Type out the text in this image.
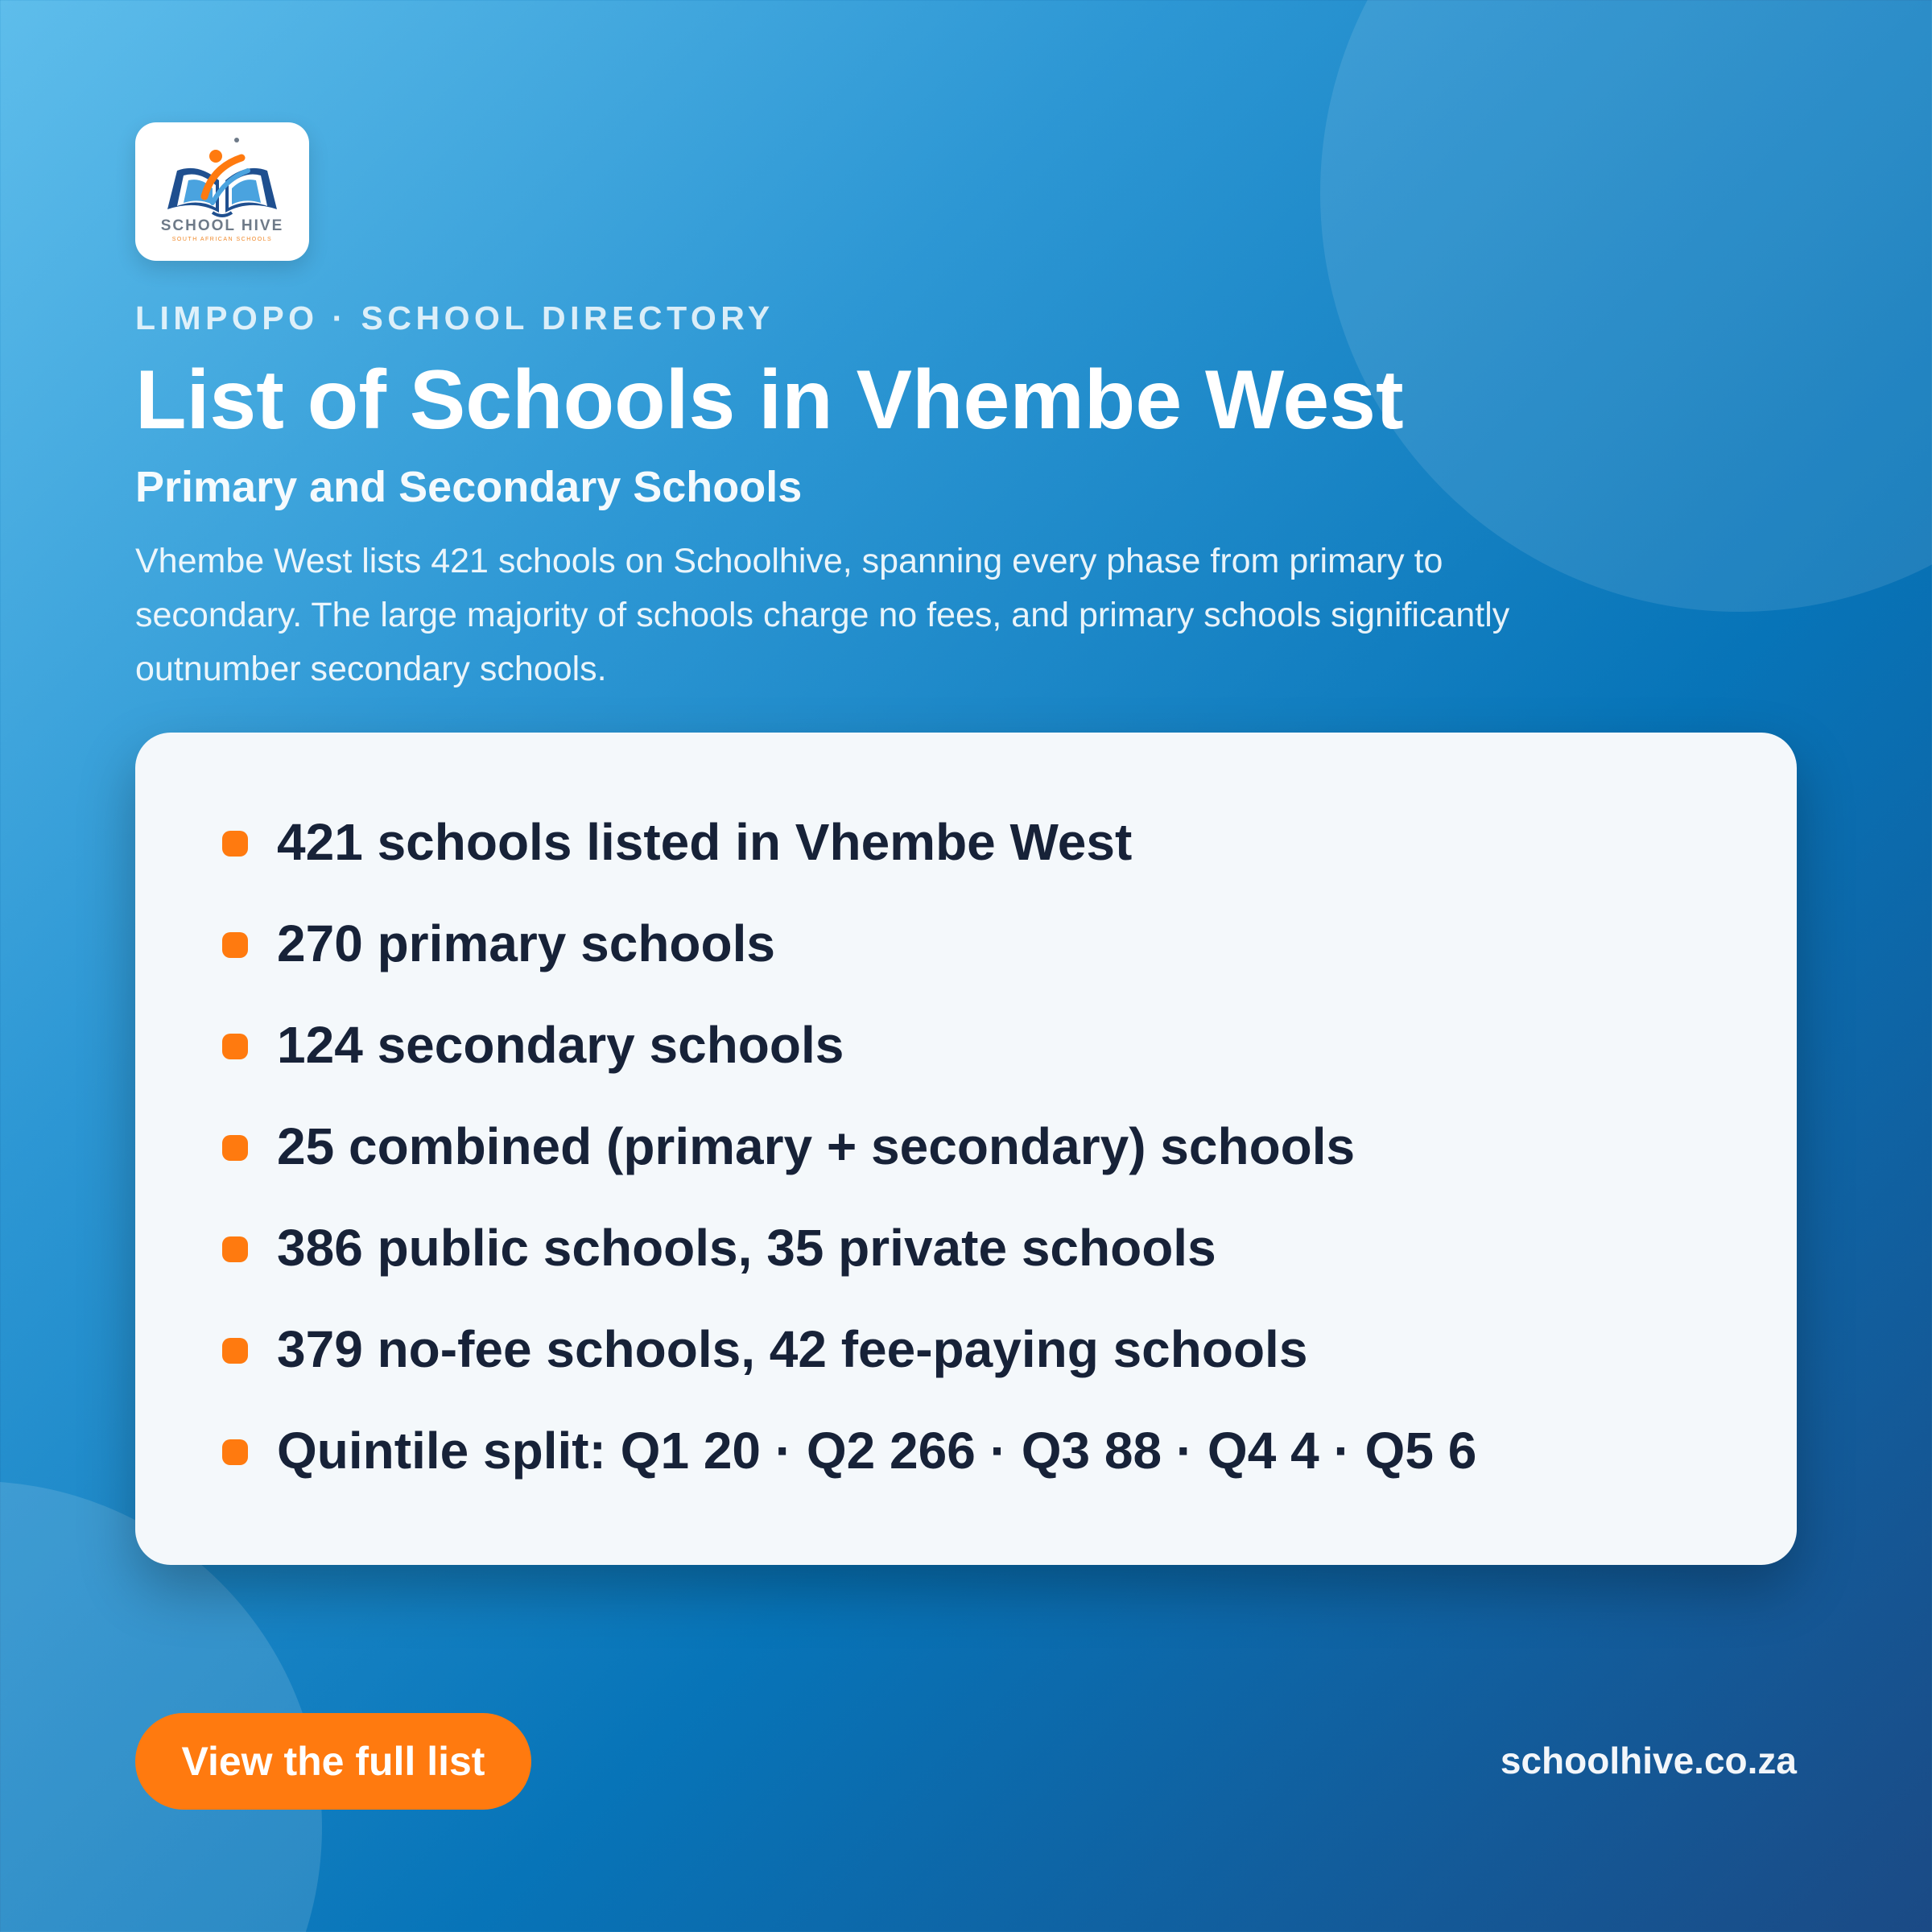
SCHOOL HIVE
SOUTH AFRICAN SCHOOLS
LIMPOPO · SCHOOL DIRECTORY
List of Schools in Vhembe West
Primary and Secondary Schools

Vhembe West lists 421 schools on Schoolhive, spanning every phase from primary to secondary. The large majority of schools charge no fees, and primary schools significantly outnumber secondary schools.

421 schools listed in Vhembe West
270 primary schools
124 secondary schools
25 combined (primary + secondary) schools
386 public schools, 35 private schools
379 no-fee schools, 42 fee-paying schools
Quintile split: Q1 20 · Q2 266 · Q3 88 · Q4 4 · Q5 6
View the full list	schoolhive.co.za
